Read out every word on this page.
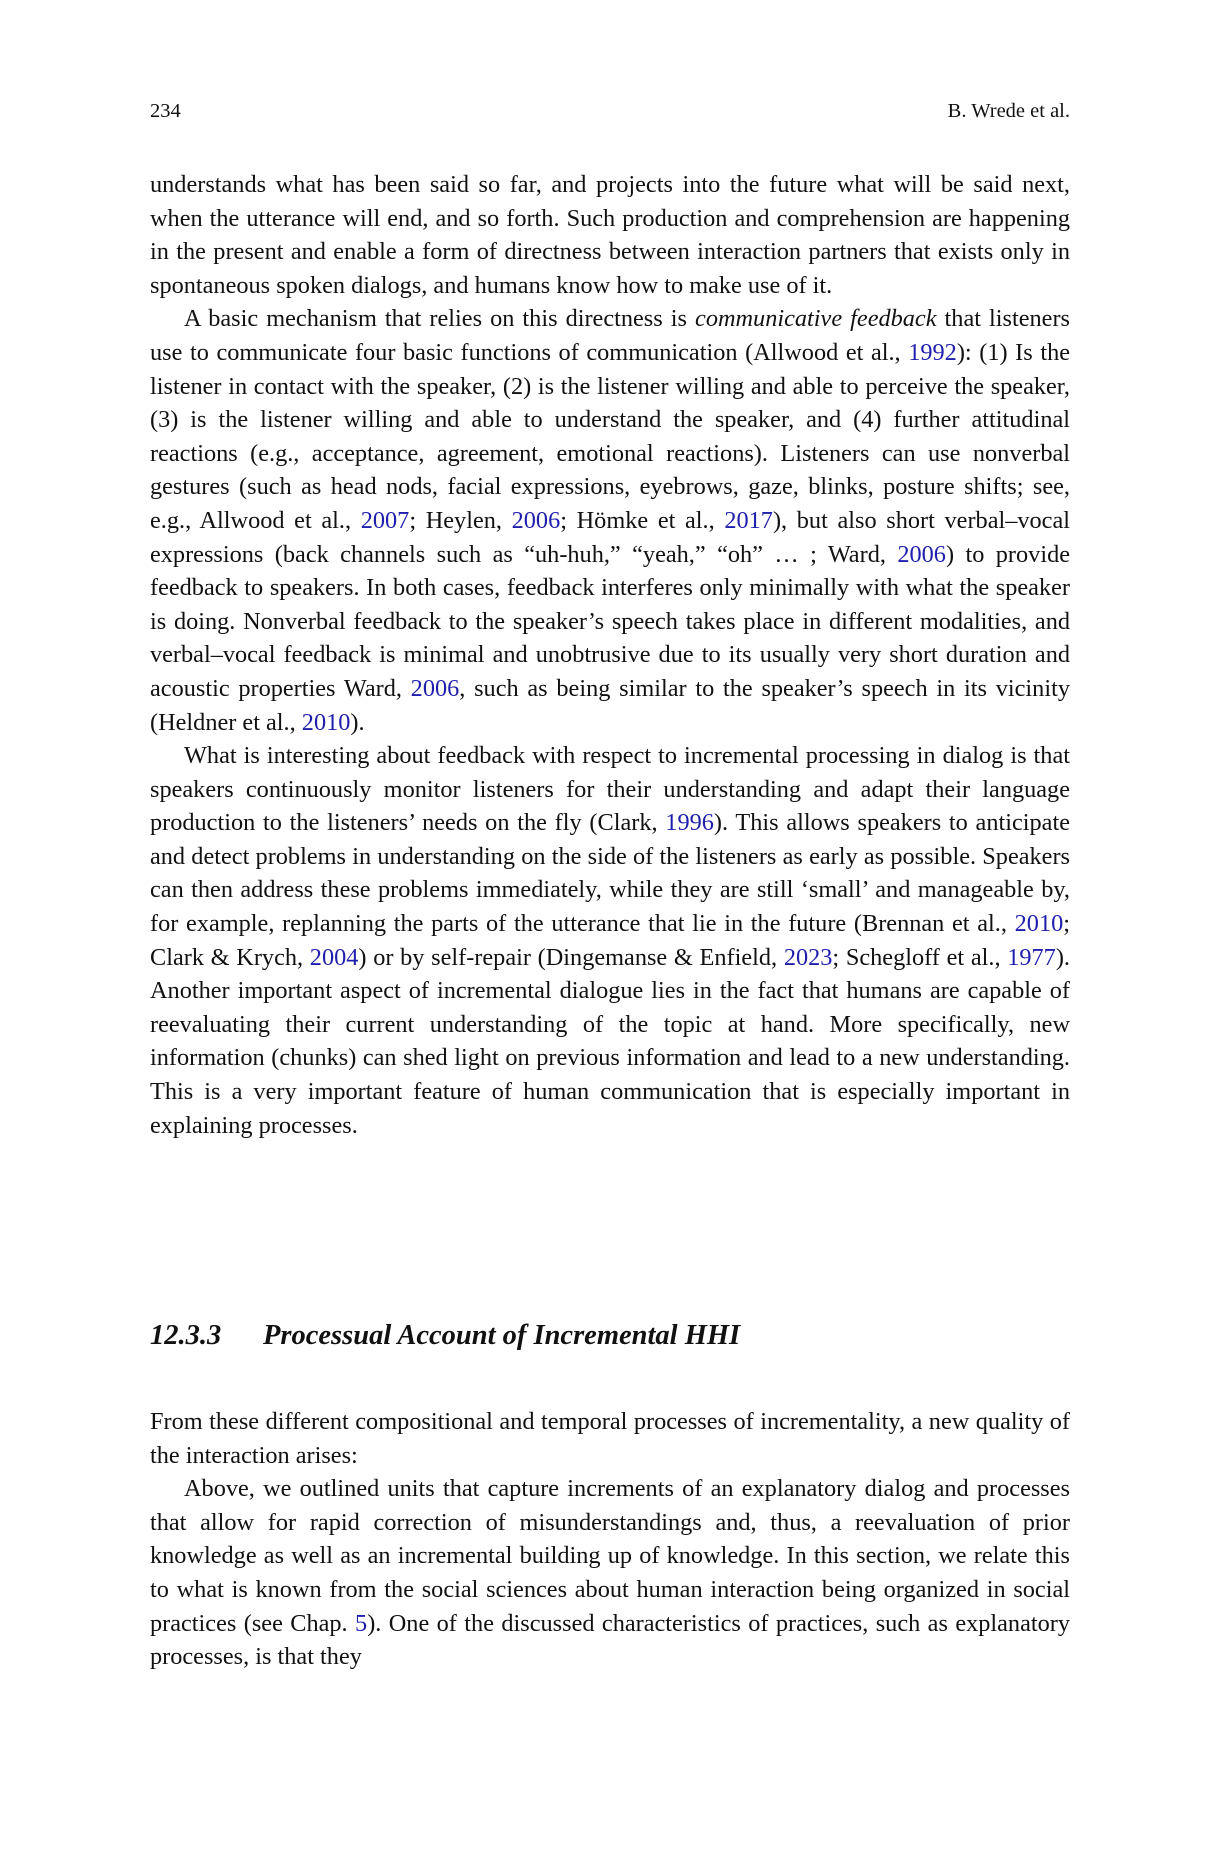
234	B. Wrede et al.

understands what has been said so far, and projects into the future what will be said next, when the utterance will end, and so forth. Such production and comprehension are happening in the present and enable a form of directness between interaction partners that exists only in spontaneous spoken dialogs, and humans know how to make use of it.

A basic mechanism that relies on this directness is communicative feedback that listeners use to communicate four basic functions of communication (Allwood et al., 1992): (1) Is the listener in contact with the speaker, (2) is the listener willing and able to perceive the speaker, (3) is the listener willing and able to understand the speaker, and (4) further attitudinal reactions (e.g., acceptance, agreement, emotional reactions). Listeners can use nonverbal gestures (such as head nods, facial expressions, eyebrows, gaze, blinks, posture shifts; see, e.g., Allwood et al., 2007; Heylen, 2006; Hömke et al., 2017), but also short verbal–vocal expressions (back channels such as “uh-huh,” “yeah,” “oh” … ; Ward, 2006) to provide feedback to speakers. In both cases, feedback interferes only minimally with what the speaker is doing. Nonverbal feedback to the speaker’s speech takes place in different modalities, and verbal–vocal feedback is minimal and unobtrusive due to its usually very short duration and acoustic properties Ward, 2006, such as being similar to the speaker’s speech in its vicinity (Heldner et al., 2010).

What is interesting about feedback with respect to incremental processing in dialog is that speakers continuously monitor listeners for their understanding and adapt their language production to the listeners’ needs on the fly (Clark, 1996). This allows speakers to anticipate and detect problems in understanding on the side of the listeners as early as possible. Speakers can then address these problems immediately, while they are still ‘small’ and manageable by, for example, replanning the parts of the utterance that lie in the future (Brennan et al., 2010; Clark & Krych, 2004) or by self-repair (Dingemanse & Enfield, 2023; Schegloff et al., 1977). Another important aspect of incremental dialogue lies in the fact that humans are capable of reevaluating their current understanding of the topic at hand. More specifically, new information (chunks) can shed light on previous information and lead to a new understanding. This is a very important feature of human communication that is especially important in explaining processes.

12.3.3 Processual Account of Incremental HHI

From these different compositional and temporal processes of incrementality, a new quality of the interaction arises:

Above, we outlined units that capture increments of an explanatory dialog and processes that allow for rapid correction of misunderstandings and, thus, a reevaluation of prior knowledge as well as an incremental building up of knowledge. In this section, we relate this to what is known from the social sciences about human interaction being organized in social practices (see Chap. 5). One of the discussed characteristics of practices, such as explanatory processes, is that they
